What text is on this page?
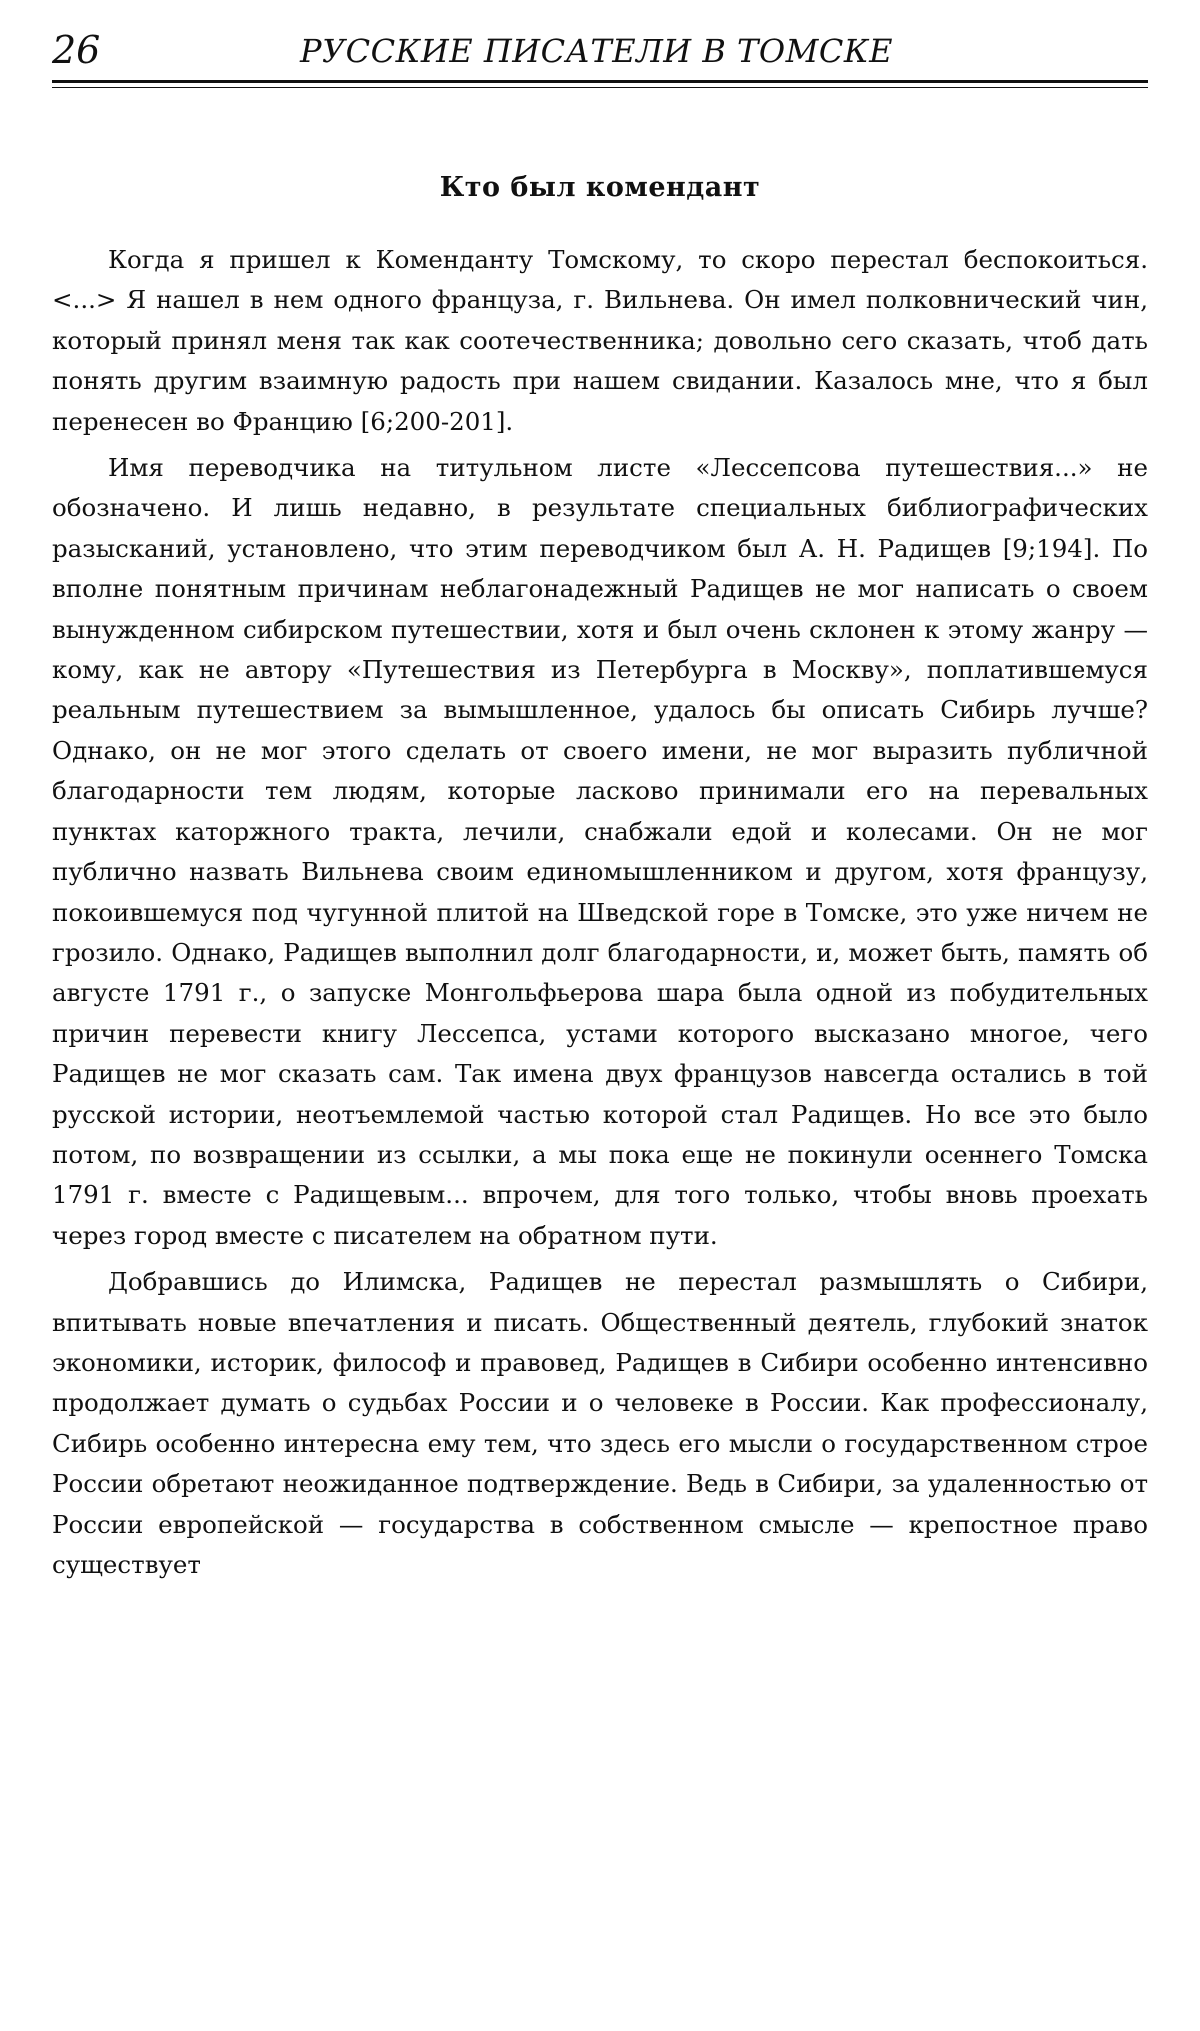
26	РУССКИЕ ПИСАТЕЛИ В ТОМСКЕ
Кто был комендант

Когда я пришел к Коменданту Томскому, то скоро перестал беспокоиться. <...> Я нашел в нем одного француза, г. Вильнева. Он имел полковнический чин, который принял меня так как соотечественника; довольно сего сказать, чтоб дать понять другим взаимную радость при нашем свидании. Казалось мне, что я был перенесен во Францию [6;200-201].

Имя переводчика на титульном листе «Лессепсова путешествия...» не обозначено. И лишь недавно, в результате специальных библиографических разысканий, установлено, что этим переводчиком был А. Н. Радищев [9;194]. По вполне понятным причинам неблагонадежный Радищев не мог написать о своем вынужденном сибирском путешествии, хотя и был очень склонен к этому жанру — кому, как не автору «Путешествия из Петербурга в Москву», поплатившемуся реальным путешествием за вымышленное, удалось бы описать Сибирь лучше? Однако, он не мог этого сделать от своего имени, не мог выразить публичной благодарности тем людям, которые ласково принимали его на перевальных пунктах каторжного тракта, лечили, снабжали едой и колесами. Он не мог публично назвать Вильнева своим единомышленником и другом, хотя французу, покоившемуся под чугунной плитой на Шведской горе в Томске, это уже ничем не грозило. Однако, Радищев выполнил долг благодарности, и, может быть, память об августе 1791 г., о запуске Монгольфьерова шара была одной из побудительных причин перевести книгу Лессепса, устами которого высказано многое, чего Радищев не мог сказать сам. Так имена двух французов навсегда остались в той русской истории, неотъемлемой частью которой стал Радищев. Но все это было потом, по возвращении из ссылки, а мы пока еще не покинули осеннего Томска 1791 г. вместе с Радищевым... впрочем, для того только, чтобы вновь проехать через город вместе с писателем на обратном пути.

Добравшись до Илимска, Радищев не перестал размышлять о Сибири, впитывать новые впечатления и писать. Общественный деятель, глубокий знаток экономики, историк, философ и правовед, Радищев в Сибири особенно интенсивно продолжает думать о судьбах России и о человеке в России. Как профессионалу, Сибирь особенно интересна ему тем, что здесь его мысли о государственном строе России обретают неожиданное подтверждение. Ведь в Сибири, за удаленностью от России европейской — государства в собственном смысле — крепостное право существует
